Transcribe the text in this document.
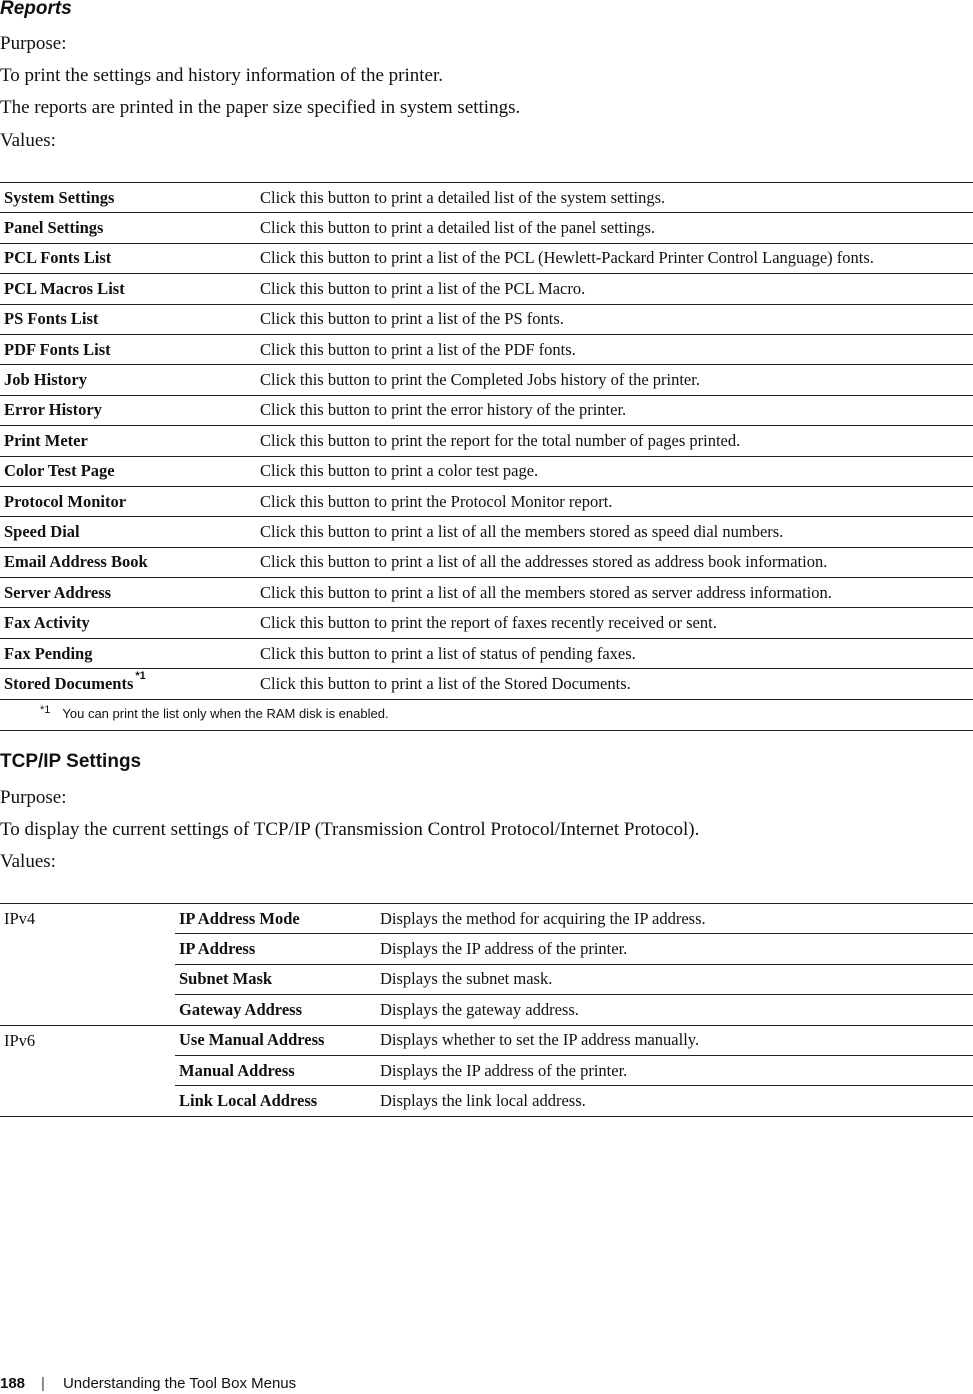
Reports
Purpose:
To print the settings and history information of the printer.
The reports are printed in the paper size specified in system settings.
Values:
System Settings	Click this button to print a detailed list of the system settings.
Panel Settings	Click this button to print a detailed list of the panel settings.
PCL Fonts List	Click this button to print a list of the PCL (Hewlett-Packard Printer Control Language) fonts.
PCL Macros List	Click this button to print a list of the PCL Macro.
PS Fonts List	Click this button to print a list of the PS fonts.
PDF Fonts List	Click this button to print a list of the PDF fonts.
Job History	Click this button to print the Completed Jobs history of the printer.
Error History	Click this button to print the error history of the printer.
Print Meter	Click this button to print the report for the total number of pages printed.
Color Test Page	Click this button to print a color test page.
Protocol Monitor	Click this button to print the Protocol Monitor report.
Speed Dial	Click this button to print a list of all the members stored as speed dial numbers.
Email Address Book	Click this button to print a list of all the addresses stored as address book information.
Server Address	Click this button to print a list of all the members stored as server address information.
Fax Activity	Click this button to print the report of faxes recently received or sent.
Fax Pending	Click this button to print a list of status of pending faxes.
Stored Documents $^{*1}$	Click this button to print a list of the Stored Documents.
$^{*1}$ You can print the list only when the RAM disk is enabled.
TCP/IP Settings
Purpose:
To display the current settings of TCP/IP (Transmission Control Protocol/Internet Protocol).
Values:
IPv4	IP Address Mode	Displays the method for acquiring the IP address.
	IP Address	Displays the IP address of the printer.
	Subnet Mask	Displays the subnet mask.
	Gateway Address	Displays the gateway address.
IPv6	Use Manual Address	Displays whether to set the IP address manually.
	Manual Address	Displays the IP address of the printer.
	Link Local Address	Displays the link local address.
188 | Understanding the Tool Box Menus
